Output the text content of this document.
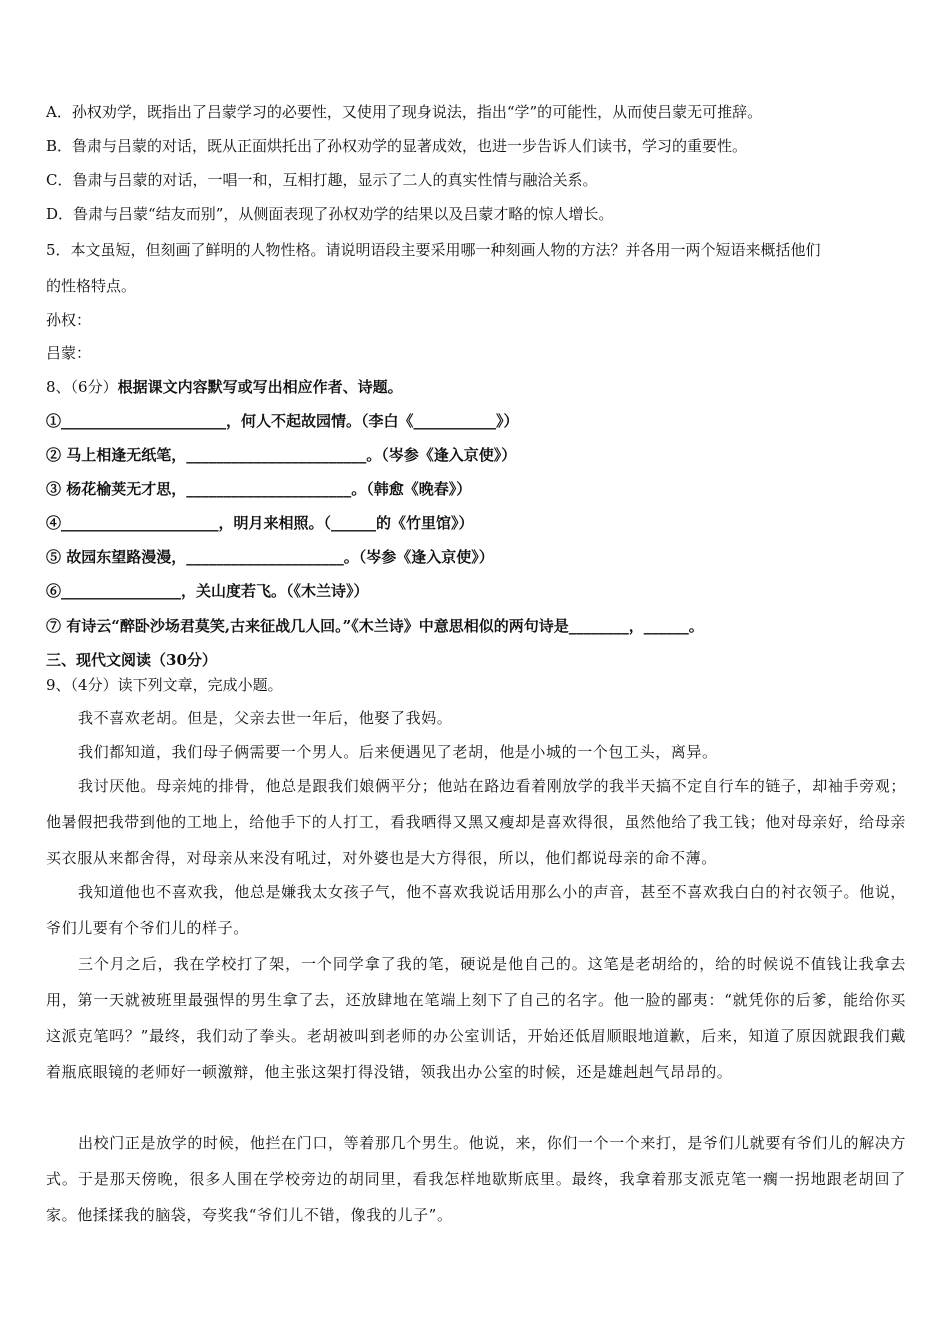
A．孙权劝学，既指出了吕蒙学习的必要性，又使用了现身说法，指出“学”的可能性，从而使吕蒙无可推辞。
B．鲁肃与吕蒙的对话，既从正面烘托出了孙权劝学的显著成效，也进一步告诉人们读书，学习的重要性。
C．鲁肃与吕蒙的对话，一唱一和，互相打趣，显示了二人的真实性情与融洽关系。
D．鲁肃与吕蒙“结友而别”，从侧面表现了孙权劝学的结果以及吕蒙才略的惊人增长。
5．本文虽短，但刻画了鲜明的人物性格。请说明语段主要采用哪一种刻画人物的方法？并各用一两个短语来概括他们
的性格特点。
孙权：
吕蒙：
8、（6分）根据课文内容默写或写出相应作者、诗题。
①______________________，何人不起故园情。（李白《___________》）
② 马上相逢无纸笔，________________________。（岑参《逢入京使》）
③ 杨花榆荚无才思，______________________。（韩愈《晚春》）
④_____________________，明月来相照。（______的《竹里馆》）
⑤ 故园东望路漫漫，_____________________。（岑参《逢入京使》）
⑥________________，关山度若飞。（《木兰诗》）
⑦ 有诗云“醉卧沙场君莫笑,古来征战几人回。”《木兰诗》中意思相似的两句诗是________，______。
三、现代文阅读（30分）
9、（4分）读下列文章，完成小题。
我不喜欢老胡。但是，父亲去世一年后，他娶了我妈。
我们都知道，我们母子俩需要一个男人。后来便遇见了老胡，他是小城的一个包工头，离异。
我讨厌他。母亲炖的排骨，他总是跟我们娘俩平分；他站在路边看着刚放学的我半天搞不定自行车的链子，却袖手旁观；他暑假把我带到他的工地上，给他手下的人打工，看我晒得又黑又瘦却是喜欢得很，虽然他给了我工钱；他对母亲好，给母亲买衣服从来都舍得，对母亲从来没有吼过，对外婆也是大方得很，所以，他们都说母亲的命不薄。
我知道他也不喜欢我，他总是嫌我太女孩子气，他不喜欢我说话用那么小的声音，甚至不喜欢我白白的衬衣领子。他说，爷们儿要有个爷们儿的样子。
三个月之后，我在学校打了架，一个同学拿了我的笔，硬说是他自己的。这笔是老胡给的，给的时候说不值钱让我拿去用，第一天就被班里最强悍的男生拿了去，还放肆地在笔端上刻下了自己的名字。他一脸的鄙夷：“就凭你的后爹，能给你买这派克笔吗？”最终，我们动了拳头。老胡被叫到老师的办公室训话，开始还低眉顺眼地道歉，后来，知道了原因就跟我们戴着瓶底眼镜的老师好一顿激辩，他主张这架打得没错，领我出办公室的时候，还是雄赳赳气昂昂的。
出校门正是放学的时候，他拦在门口，等着那几个男生。他说，来，你们一个一个来打，是爷们儿就要有爷们儿的解决方式。于是那天傍晚，很多人围在学校旁边的胡同里，看我怎样地歇斯底里。最终，我拿着那支派克笔一瘸一拐地跟老胡回了家。他揉揉我的脑袋，夸奖我“爷们儿不错，像我的儿子”。
